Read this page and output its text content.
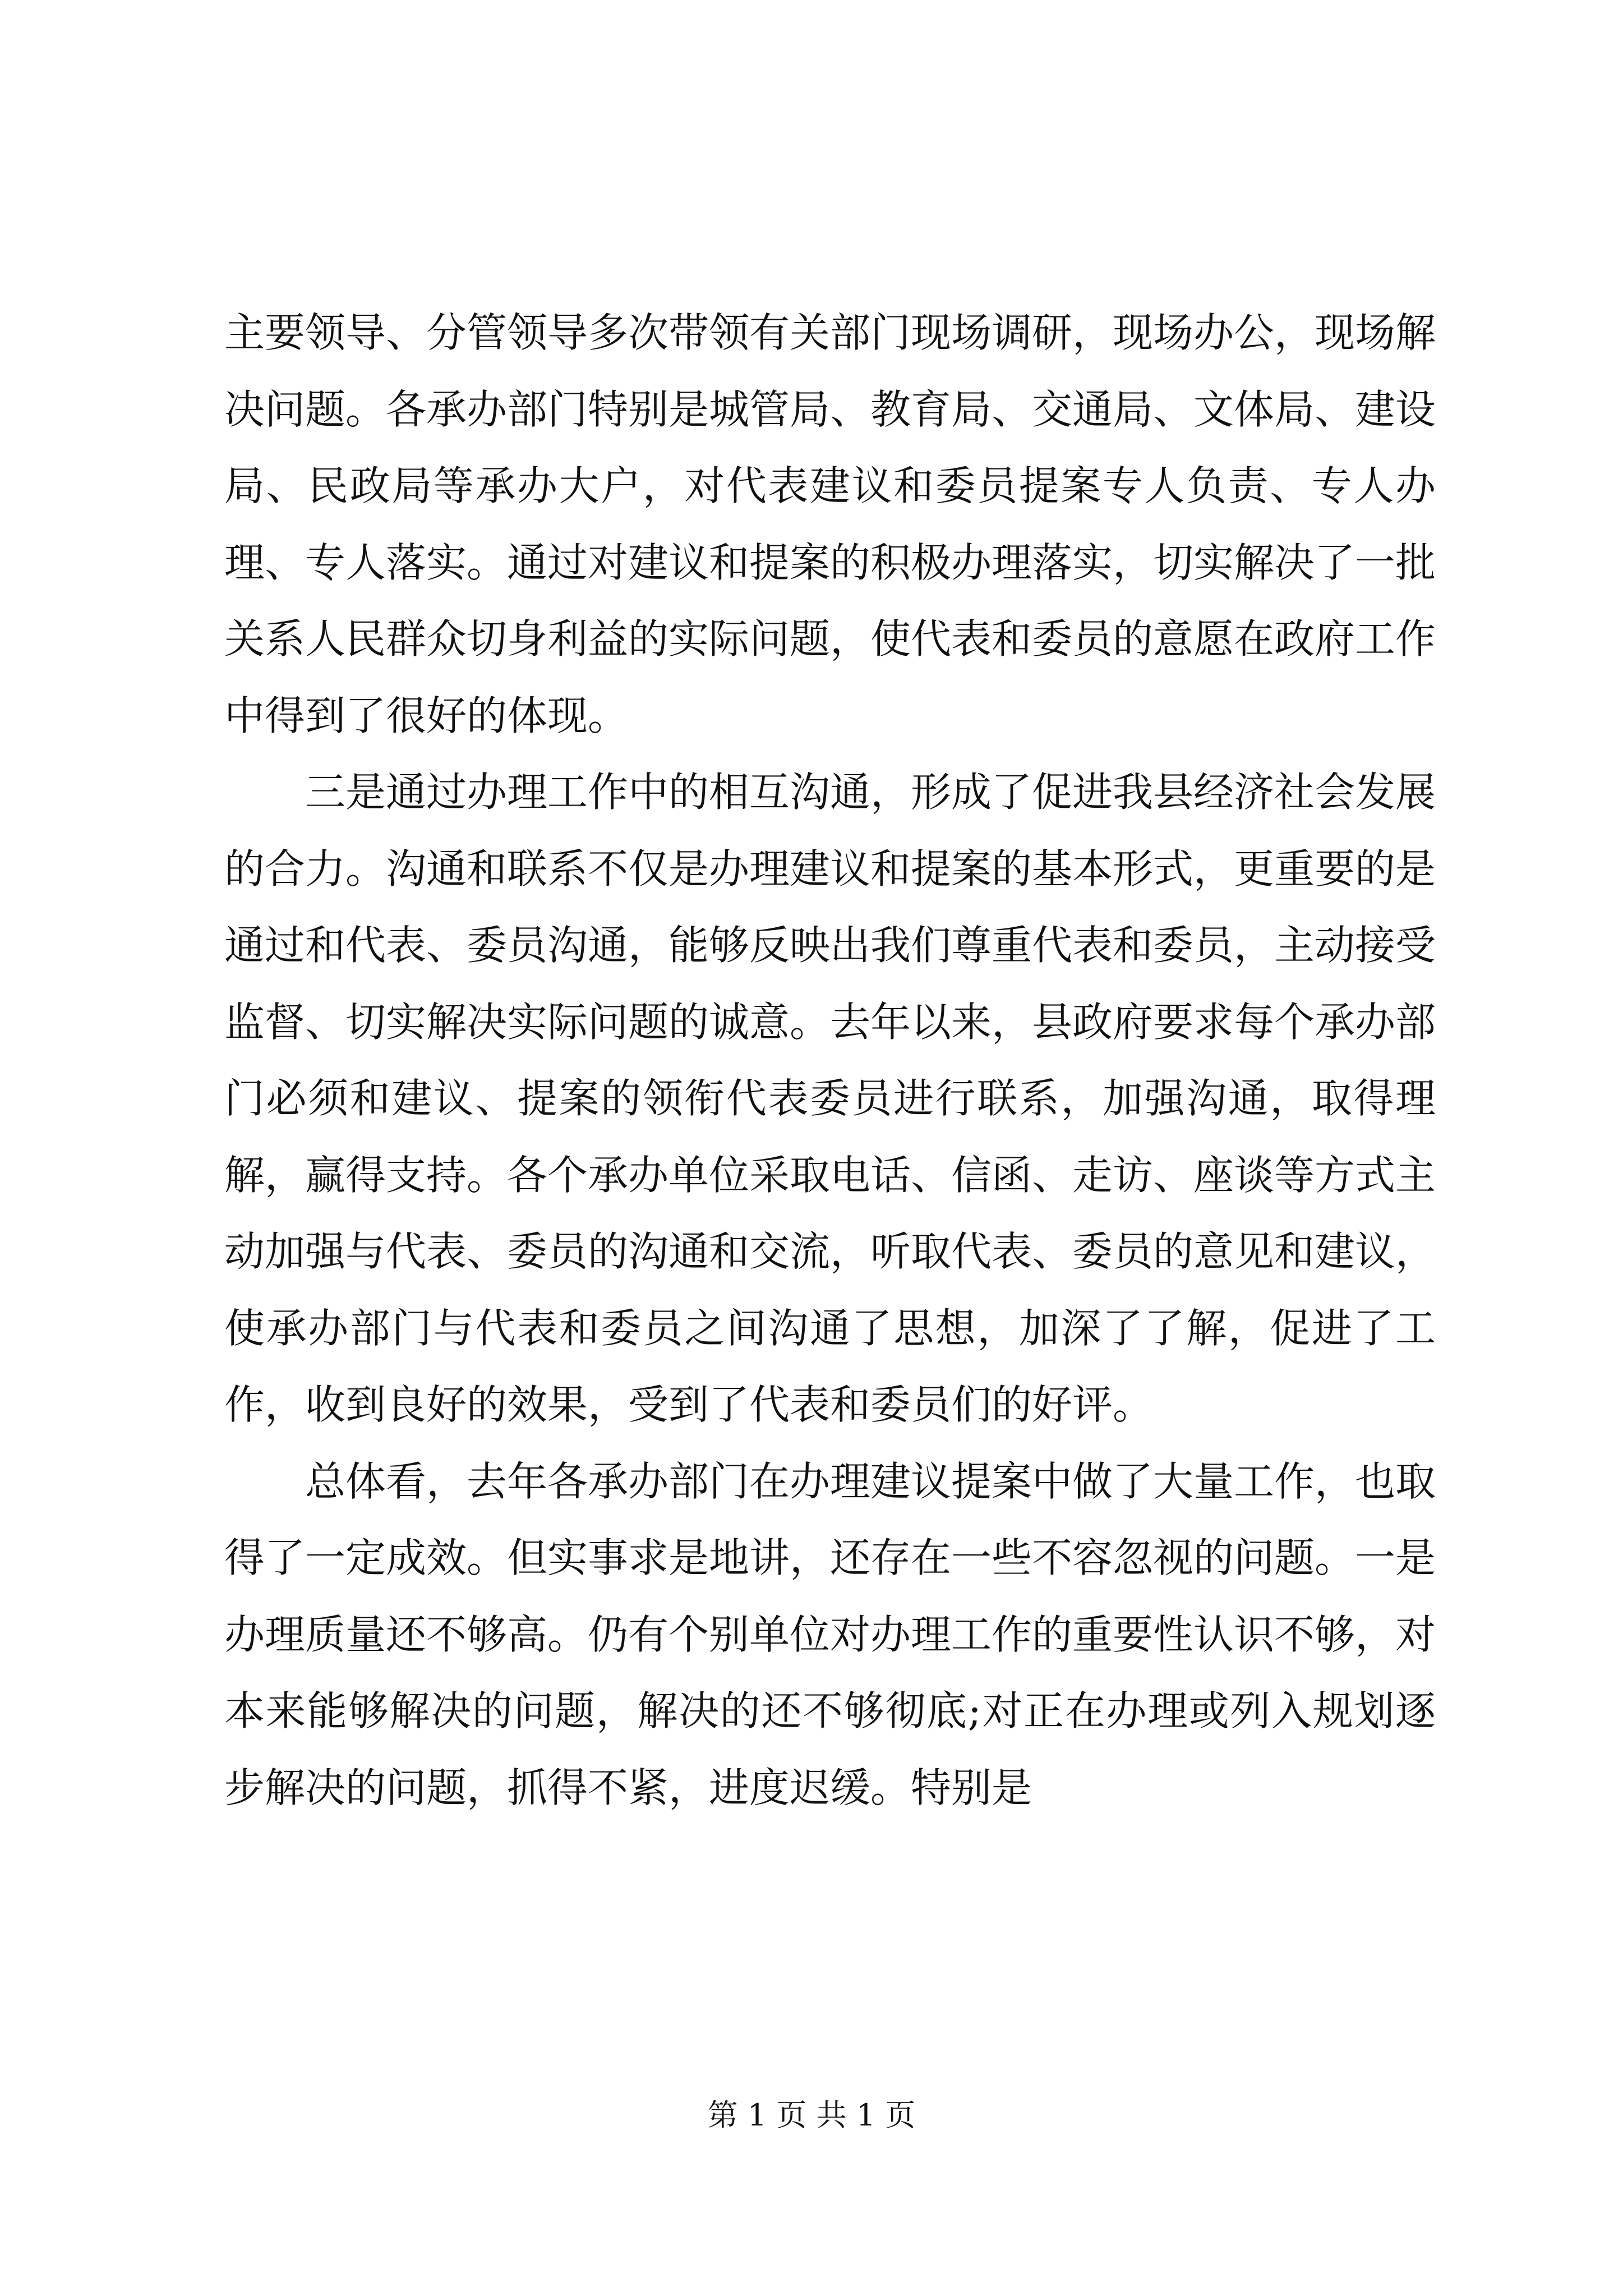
主要领导、分管领导多次带领有关部门现场调研，现场办公，现场解决问题。各承办部门特别是城管局、教育局、交通局、文体局、建设局、民政局等承办大户，对代表建议和委员提案专人负责、专人办理、专人落实。通过对建议和提案的积极办理落实，切实解决了一批关系人民群众切身利益的实际问题，使代表和委员的意愿在政府工作中得到了很好的体现。

三是通过办理工作中的相互沟通，形成了促进我县经济社会发展的合力。沟通和联系不仅是办理建议和提案的基本形式，更重要的是通过和代表、委员沟通，能够反映出我们尊重代表和委员，主动接受监督、切实解决实际问题的诚意。去年以来，县政府要求每个承办部门必须和建议、提案的领衔代表委员进行联系，加强沟通，取得理解，赢得支持。各个承办单位采取电话、信函、走访、座谈等方式主动加强与代表、委员的沟通和交流，听取代表、委员的意见和建议，使承办部门与代表和委员之间沟通了思想，加深了了解，促进了工作，收到良好的效果，受到了代表和委员们的好评。

总体看，去年各承办部门在办理建议提案中做了大量工作，也取得了一定成效。但实事求是地讲，还存在一些不容忽视的问题。一是办理质量还不够高。仍有个别单位对办理工作的重要性认识不够，对本来能够解决的问题，解决的还不够彻底;对正在办理或列入规划逐步解决的问题，抓得不紧，进度迟缓。特别是

第 1 页 共 1 页
